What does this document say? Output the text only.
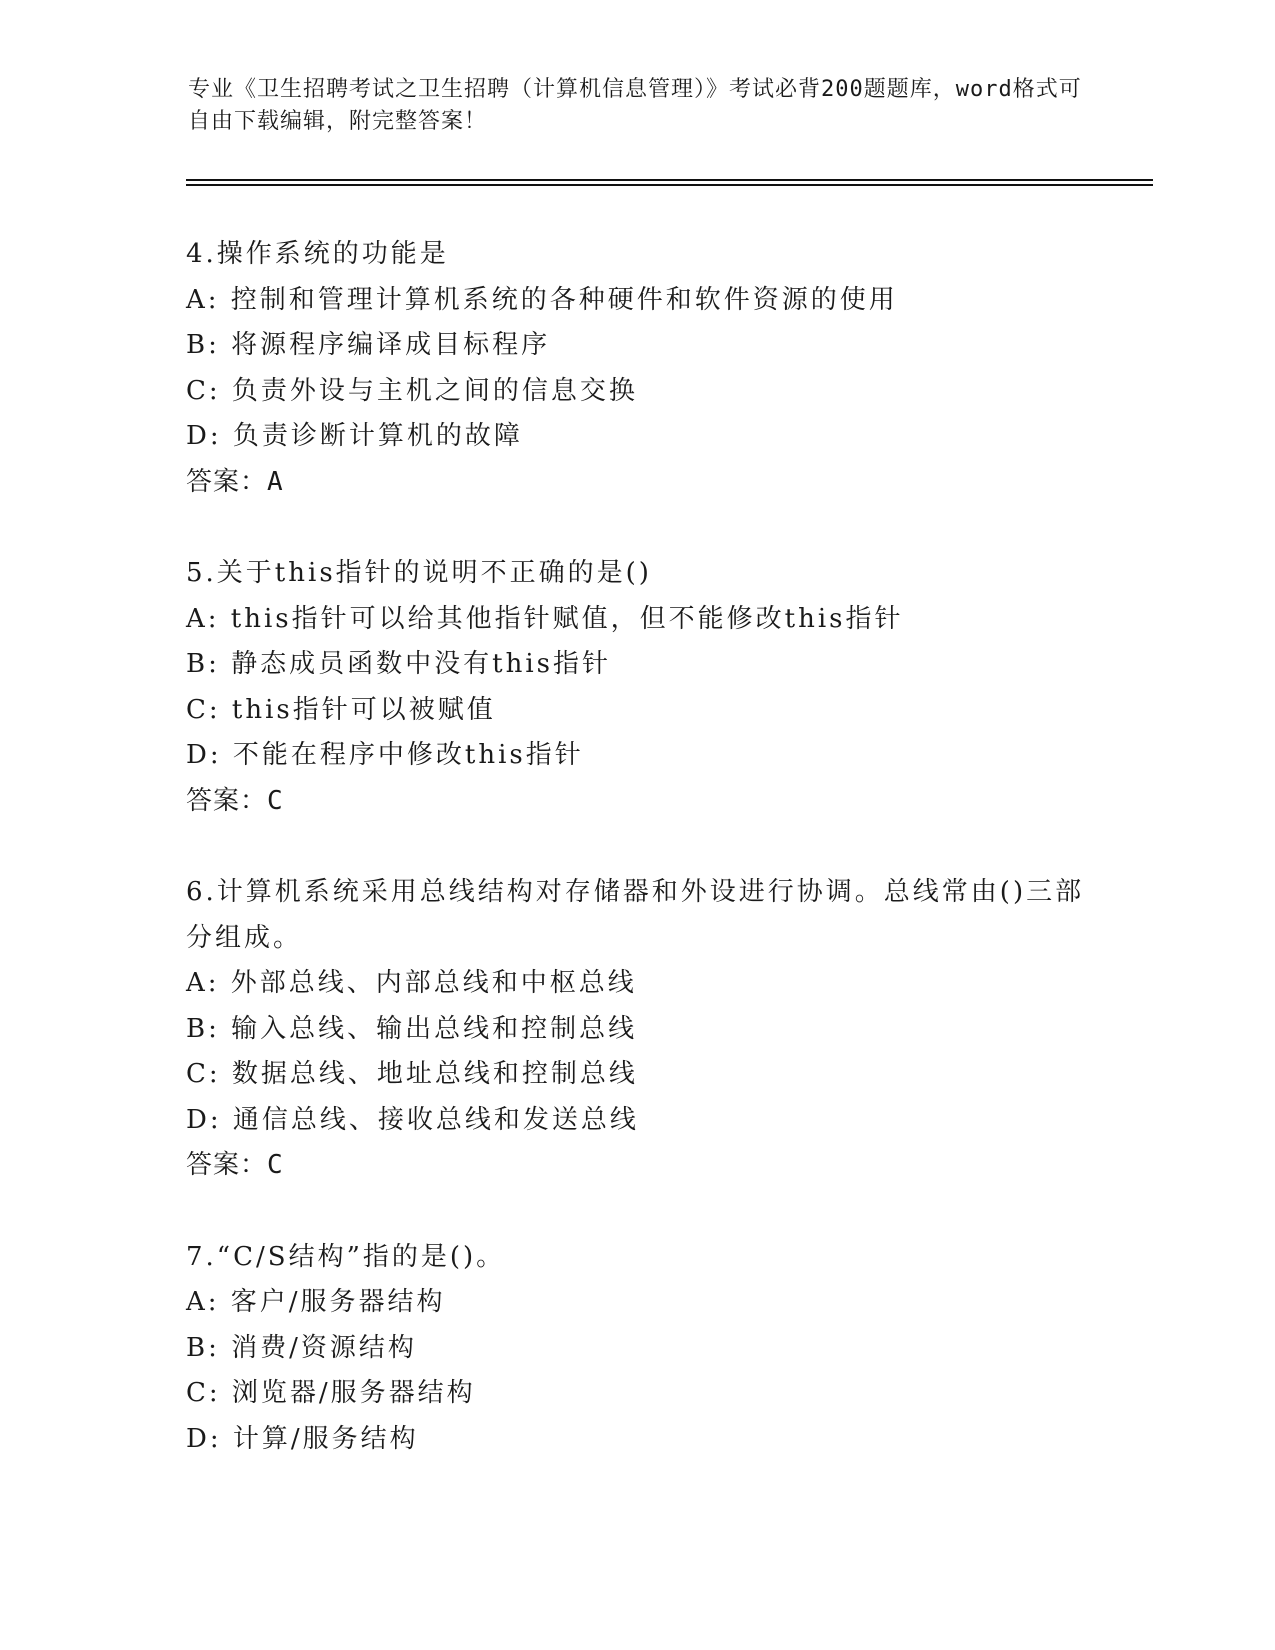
专业《卫生招聘考试之卫生招聘（计算机信息管理）》考试必背200题题库，word格式可自由下载编辑，附完整答案！
4.操作系统的功能是
A: 控制和管理计算机系统的各种硬件和软件资源的使用
B: 将源程序编译成目标程序
C: 负责外设与主机之间的信息交换
D: 负责诊断计算机的故障
答案：A
5.关于this指针的说明不正确的是()
A: this指针可以给其他指针赋值，但不能修改this指针
B: 静态成员函数中没有this指针
C: this指针可以被赋值
D: 不能在程序中修改this指针
答案：C
6.计算机系统采用总线结构对存储器和外设进行协调。总线常由()三部分组成。
A: 外部总线、内部总线和中枢总线
B: 输入总线、输出总线和控制总线
C: 数据总线、地址总线和控制总线
D: 通信总线、接收总线和发送总线
答案：C
7.“C/S结构”指的是()。
A: 客户/服务器结构
B: 消费/资源结构
C: 浏览器/服务器结构
D: 计算/服务结构
